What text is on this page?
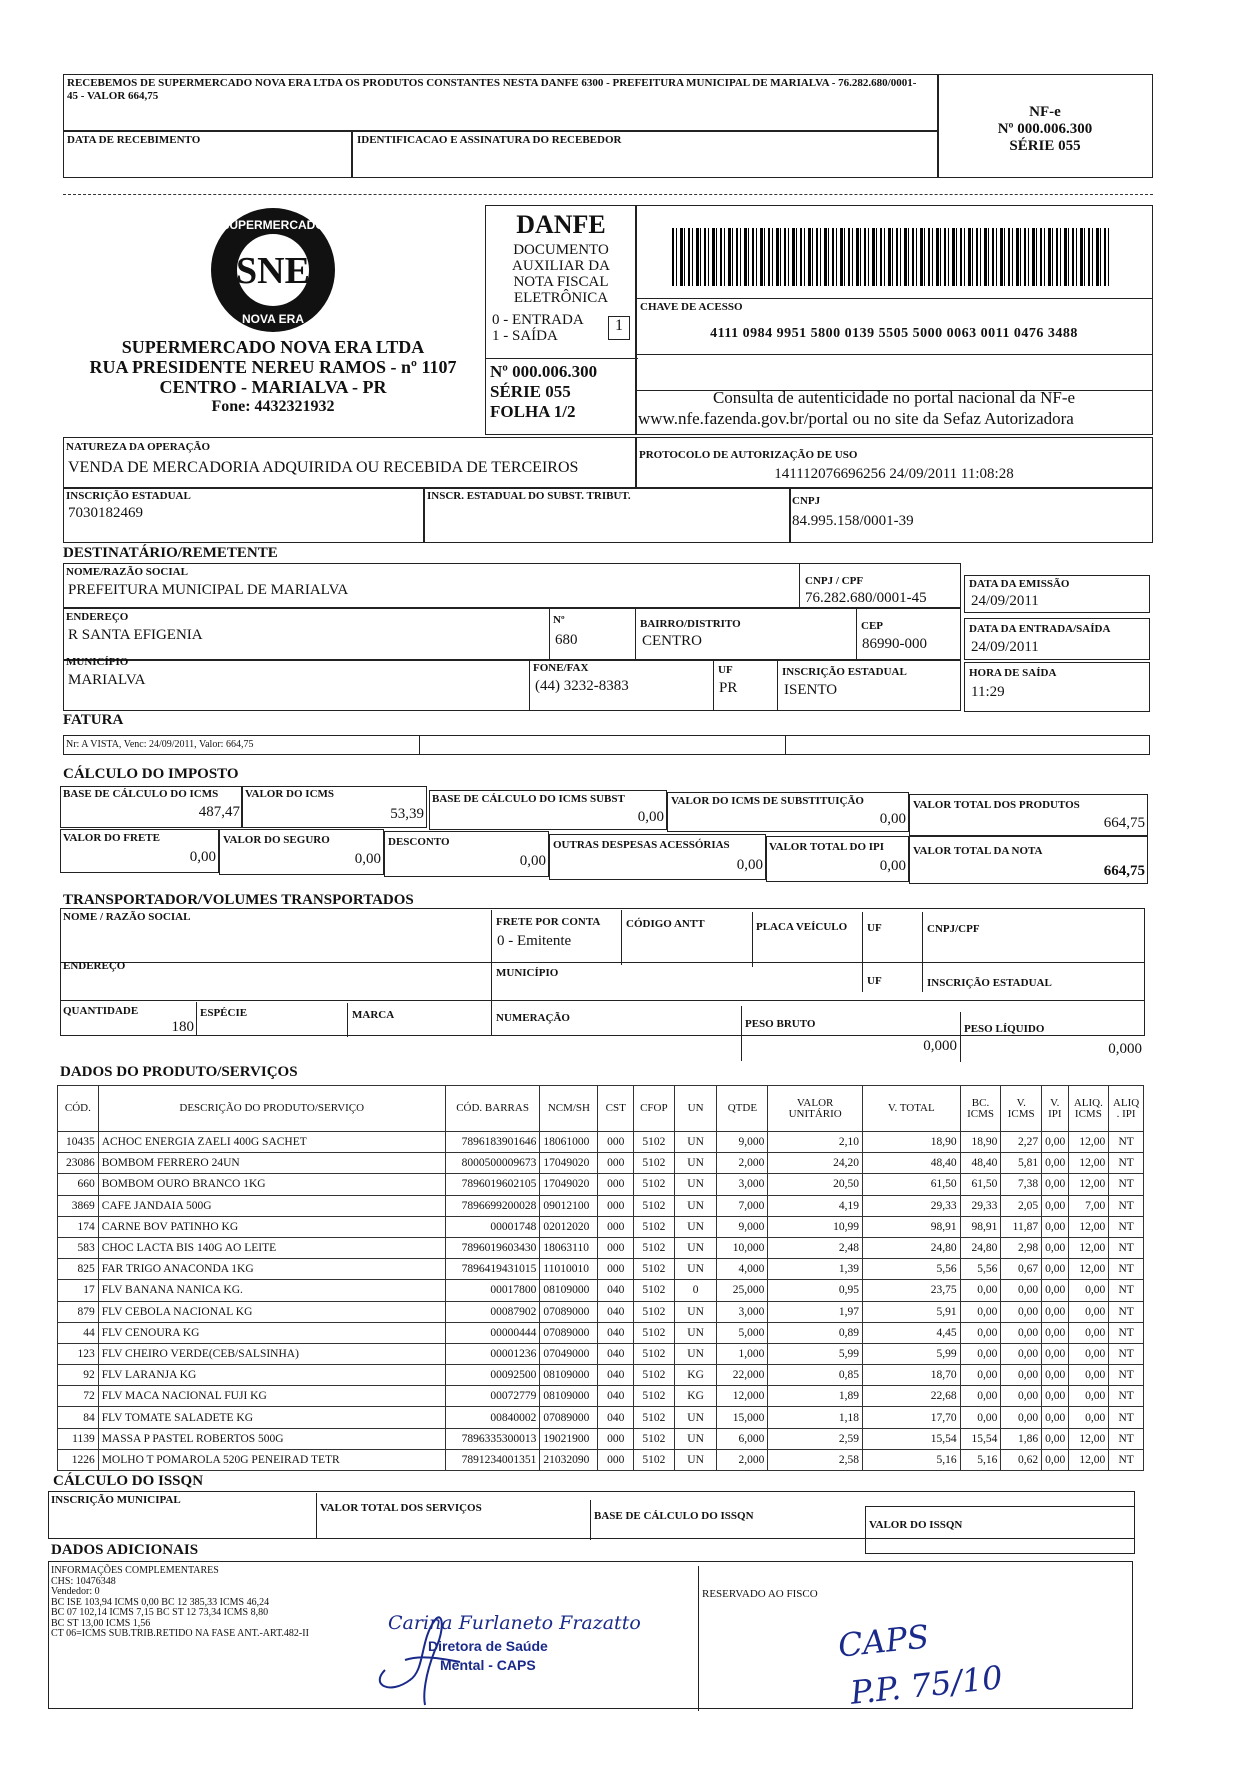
RECEBEMOS DE SUPERMERCADO NOVA ERA LTDA OS PRODUTOS CONSTANTES NESTA DANFE 6300 - PREFEITURA MUNICIPAL DE MARIALVA - 76.282.680/0001-45 - VALOR 664,75
DATA DE RECEBIMENTO	IDENTIFICACAO E ASSINATURA DO RECEBEDOR
NF-e
Nº 000.006.300
SÉRIE 055
SNE
SUPERMERCADO
NOVA ERA
SUPERMERCADO NOVA ERA LTDA
RUA PRESIDENTE NEREU RAMOS - nº 1107
CENTRO - MARIALVA - PR
Fone: 4432321932
DANFE
DOCUMENTO
AUXILIAR DA
NOTA FISCAL
ELETRÔNICA
0 - ENTRADA
1 - SAÍDA
1
Nº 000.006.300
SÉRIE 055
FOLHA 1/2
CHAVE DE ACESSO
4111 0984 9951 5800 0139 5505 5000 0063 0011 0476 3488
Consulta de autenticidade no portal nacional da NF-e
www.nfe.fazenda.gov.br/portal ou no site da Sefaz Autorizadora
NATUREZA DA OPERAÇÃO
VENDA DE MERCADORIA ADQUIRIDA OU RECEBIDA DE TERCEIROS
PROTOCOLO DE AUTORIZAÇÃO DE USO
141112076696256 24/09/2011 11:08:28
INSCRIÇÃO ESTADUAL
7030182469
INSCR. ESTADUAL DO SUBST. TRIBUT.	CNPJ
84.995.158/0001-39
DESTINATÁRIO/REMETENTE
NOME/RAZÃO SOCIAL
PREFEITURA MUNICIPAL DE MARIALVA
CNPJ / CPF
76.282.680/0001-45
DATA DA EMISSÃO
24/09/2011
ENDEREÇO
R SANTA EFIGENIA
Nº
680
BAIRRO/DISTRITO
CENTRO
CEP
86990-000
DATA DA ENTRADA/SAÍDA
24/09/2011
MUNICÍPIO
MARIALVA
FONE/FAX
(44) 3232-8383
UF
PR
INSCRIÇÃO ESTADUAL
ISENTO
HORA DE SAÍDA
11:29
FATURA
Nr: A VISTA, Venc: 24/09/2011, Valor: 664,75
CÁLCULO DO IMPOSTO
BASE DE CÁLCULO DO ICMS
487,47
VALOR DO ICMS
53,39
BASE DE CÁLCULO DO ICMS SUBST
0,00
VALOR DO ICMS DE SUBSTITUIÇÃO
0,00
VALOR TOTAL DOS PRODUTOS
664,75
VALOR DO FRETE
0,00
VALOR DO SEGURO
0,00
DESCONTO
0,00
OUTRAS DESPESAS ACESSÓRIAS
0,00
VALOR TOTAL DO IPI
0,00
VALOR TOTAL DA NOTA
664,75
TRANSPORTADOR/VOLUMES TRANSPORTADOS
NOME / RAZÃO SOCIAL	FRETE POR CONTA
0 - Emitente
CÓDIGO ANTT	PLACA VEÍCULO UF	CNPJ/CPF
ENDEREÇO
MUNICÍPIO
UF	INSCRIÇÃO ESTADUAL
QUANTIDADE
180
ESPÉCIE	MARCA	NUMERAÇÃO	PESO BRUTO
0,000
PESO LÍQUIDO
0,000
DADOS DO PRODUTO/SERVIÇOS
CÓD.	DESCRIÇÃO DO PRODUTO/SERVIÇO	CÓD. BARRAS	NCM/SH	CST	CFOP	UN	QTDE	VALOR UNITÁRIO	V. TOTAL	BC. ICMS	V. ICMS	V. IPI	ALIQ. ICMS	ALIQ . IPI
10435	ACHOC ENERGIA ZAELI 400G SACHET	7896183901646	18061000	000	5102	UN	9,000	2,10	18,90	18,90	2,27	0,00	12,00	NT
23086	BOMBOM FERRERO 24UN	8000500009673	17049020	000	5102	UN	2,000	24,20	48,40	48,40	5,81	0,00	12,00	NT
660	BOMBOM OURO BRANCO 1KG	7896019602105	17049020	000	5102	UN	3,000	20,50	61,50	61,50	7,38	0,00	12,00	NT
3869	CAFE JANDAIA 500G	7896699200028	09012100	000	5102	UN	7,000	4,19	29,33	29,33	2,05	0,00	7,00	NT
174	CARNE BOV PATINHO KG	00001748	02012020	000	5102	UN	9,000	10,99	98,91	98,91	11,87	0,00	12,00	NT
583	CHOC LACTA BIS 140G AO LEITE	7896019603430	18063110	000	5102	UN	10,000	2,48	24,80	24,80	2,98	0,00	12,00	NT
825	FAR TRIGO ANACONDA 1KG	7896419431015	11010010	000	5102	UN	4,000	1,39	5,56	5,56	0,67	0,00	12,00	NT
17	FLV BANANA NANICA KG.	00017800	08109000	040	5102	0	25,000	0,95	23,75	0,00	0,00	0,00	0,00	NT
879	FLV CEBOLA NACIONAL KG	00087902	07089000	040	5102	UN	3,000	1,97	5,91	0,00	0,00	0,00	0,00	NT
44	FLV CENOURA KG	00000444	07089000	040	5102	UN	5,000	0,89	4,45	0,00	0,00	0,00	0,00	NT
123	FLV CHEIRO VERDE(CEB/SALSINHA)	00001236	07049000	040	5102	UN	1,000	5,99	5,99	0,00	0,00	0,00	0,00	NT
92	FLV LARANJA KG	00092500	08109000	040	5102	KG	22,000	0,85	18,70	0,00	0,00	0,00	0,00	NT
72	FLV MACA NACIONAL FUJI KG	00072779	08109000	040	5102	KG	12,000	1,89	22,68	0,00	0,00	0,00	0,00	NT
84	FLV TOMATE SALADETE KG	00840002	07089000	040	5102	UN	15,000	1,18	17,70	0,00	0,00	0,00	0,00	NT
1139	MASSA P PASTEL ROBERTOS 500G	7896335300013	19021900	000	5102	UN	6,000	2,59	15,54	15,54	1,86	0,00	12,00	NT
1226	MOLHO T POMAROLA 520G PENEIRAD TETR	7891234001351	21032090	000	5102	UN	2,000	2,58	5,16	5,16	0,62	0,00	12,00	NT
CÁLCULO DO ISSQN
INSCRIÇÃO MUNICIPAL
VALOR TOTAL DOS SERVIÇOS
BASE DE CÁLCULO DO ISSQN
VALOR DO ISSQN
DADOS ADICIONAIS
INFORMAÇÕES COMPLEMENTARES
CHS: 10476348
Vendedor: 0
BC ISE 103,94 ICMS 0,00 BC 12 385,33 ICMS 46,24
BC 07 102,14 ICMS 7,15 BC ST 12 73,34 ICMS 8,80
BC ST 13,00 ICMS 1,56
CT 06=ICMS SUB.TRIB.RETIDO NA FASE ANT.-ART.482-II
RESERVADO AO FISCO
Carina Furlaneto Frazatto
Diretora de Saúde
Mental - CAPS
CAPS
P.P. 75/10
